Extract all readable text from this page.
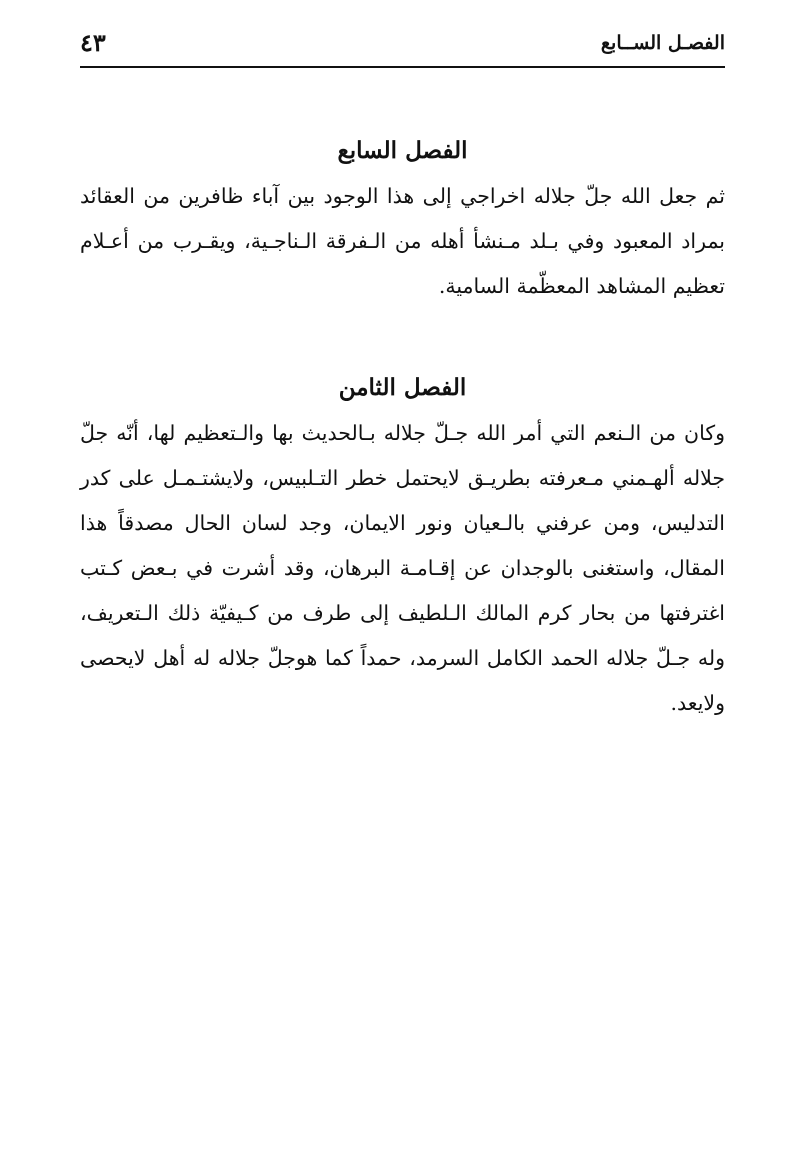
الفصـل الســابع
٤٣
الفصل السابع

ثم جعل الله جلّ جلاله اخراجي إلى هذا الوجود بين آباء ظافرين من العقائد بمراد المعبود وفي بـلد مـنشأ أهله من الـفرقة الـناجـية، ويقـرب من أعـلام تعظيم المشاهد المعظّمة السامية.

الفصل الثامن

وكان من الـنعم التي أمر الله جـلّ جلاله بـالحديث بها والـتعظيم لها، أنّه جلّ جلاله ألهـمني مـعرفته بطريـق لايحتمل خطر التـلبيس، ولايشتـمـل على كدر التدليس، ومن عرفني بالـعيان ونور الايمان، وجد لسان الحال مصدقاً هذا المقال، واستغنى بالوجدان عن إقـامـة البرهان، وقد أشرت في بـعض كـتب اغترفتها من بحار كرم المالك الـلطيف إلى طرف من كـيفيّة ذلك الـتعريف، وله جـلّ جلاله الحمد الكامل السرمد، حمداً كما هوجلّ جلاله له أهل لايحصى ولايعد.
